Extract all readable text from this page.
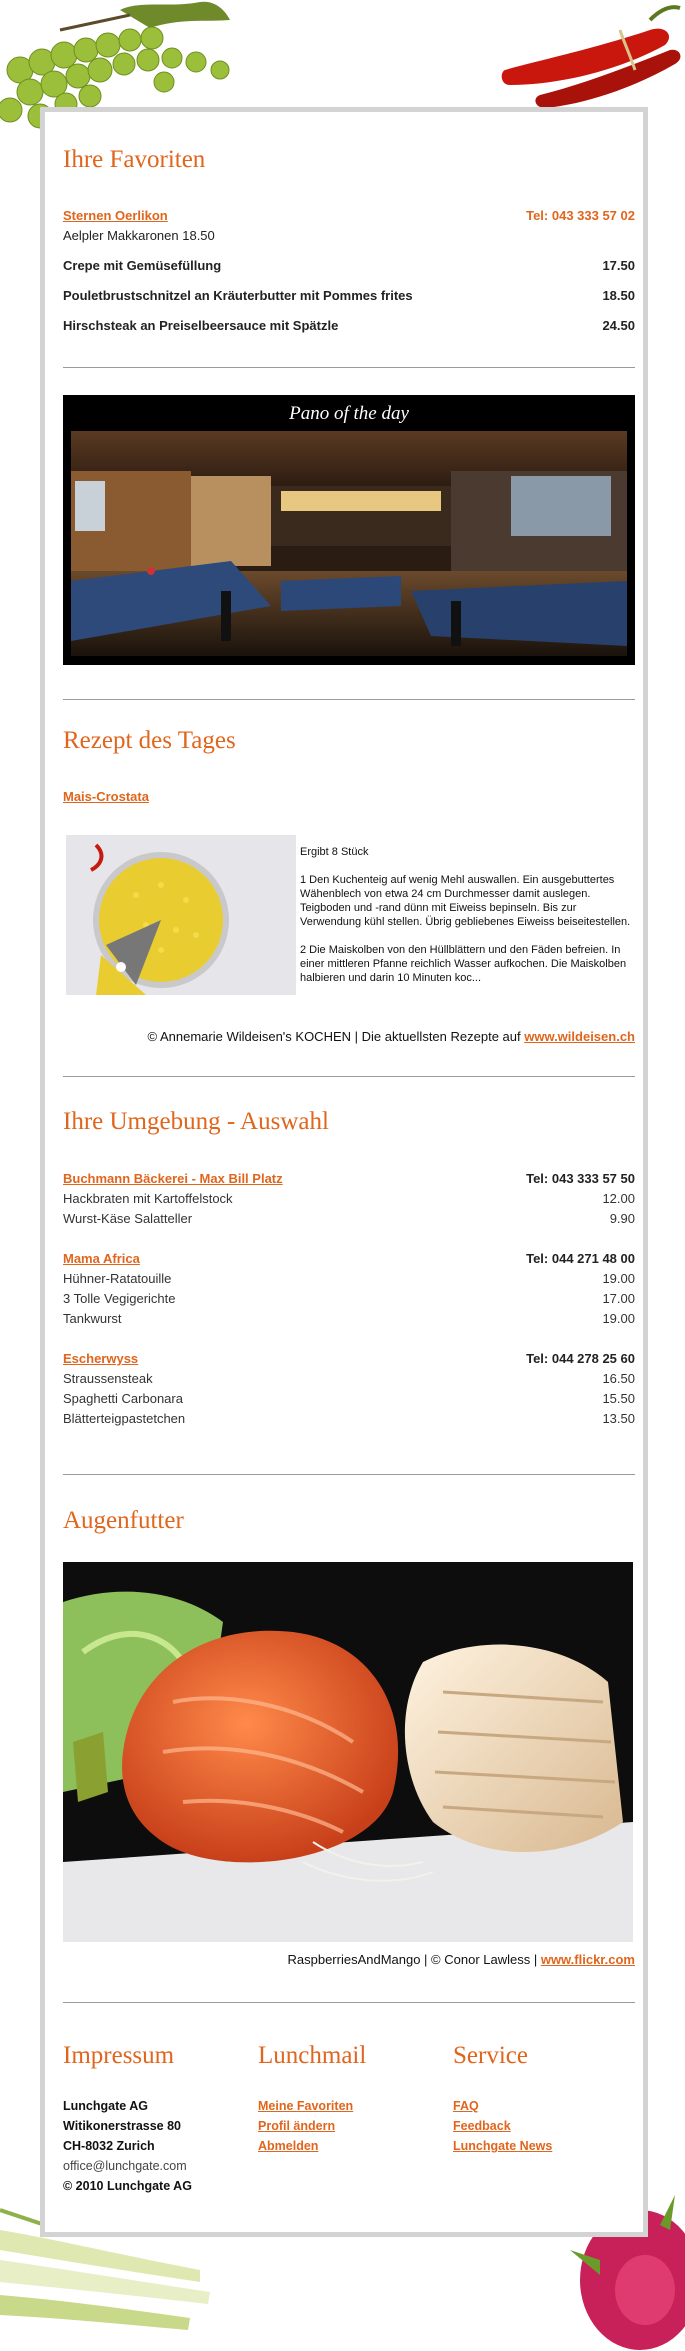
Ihre Favoriten
Sternen Oerlikon	Tel: 043 333 57 02
Aelpler Makkaronen 18.50
Crepe mit Gemüsefüllung	17.50
Pouletbrustschnitzel an Kräuterbutter mit Pommes frites	18.50
Hirschsteak an Preiselbeersauce mit Spätzle	24.50
Pano of the day
Rezept des Tages
Mais-Crostata

Ergibt 8 Stück

1 Den Kuchenteig auf wenig Mehl auswallen. Ein ausgebuttertes Wähenblech von etwa 24 cm Durchmesser damit auslegen. Teigboden und -rand dünn mit Eiweiss bepinseln. Bis zur Verwendung kühl stellen. Übrig gebliebenes Eiweiss beiseitestellen.

2 Die Maiskolben von den Hüllblättern und den Fäden befreien. In einer mittleren Pfanne reichlich Wasser aufkochen. Die Maiskolben halbieren und darin 10 Minuten koc...

© Annemarie Wildeisen's KOCHEN | Die aktuellsten Rezepte auf www.wildeisen.ch
Ihre Umgebung - Auswahl
Buchmann Bäckerei - Max Bill Platz	Tel: 043 333 57 50
Hackbraten mit Kartoffelstock	12.00
Wurst-Käse Salatteller	9.90
Mama Africa	Tel: 044 271 48 00
Hühner-Ratatouille	19.00
3 Tolle Vegigerichte	17.00
Tankwurst	19.00
Escherwyss	Tel: 044 278 25 60
Straussensteak	16.50
Spaghetti Carbonara	15.50
Blätterteigpastetchen	13.50
Augenfutter
RaspberriesAndMango | © Conor Lawless | www.flickr.com
Impressum
Lunchgate AG
Witikonerstrasse 80
CH-8032 Zurich
office@lunchgate.com
© 2010 Lunchgate AG
Lunchmail
Meine Favoriten
Profil ändern
Abmelden
Service
FAQ
Feedback
Lunchgate News
